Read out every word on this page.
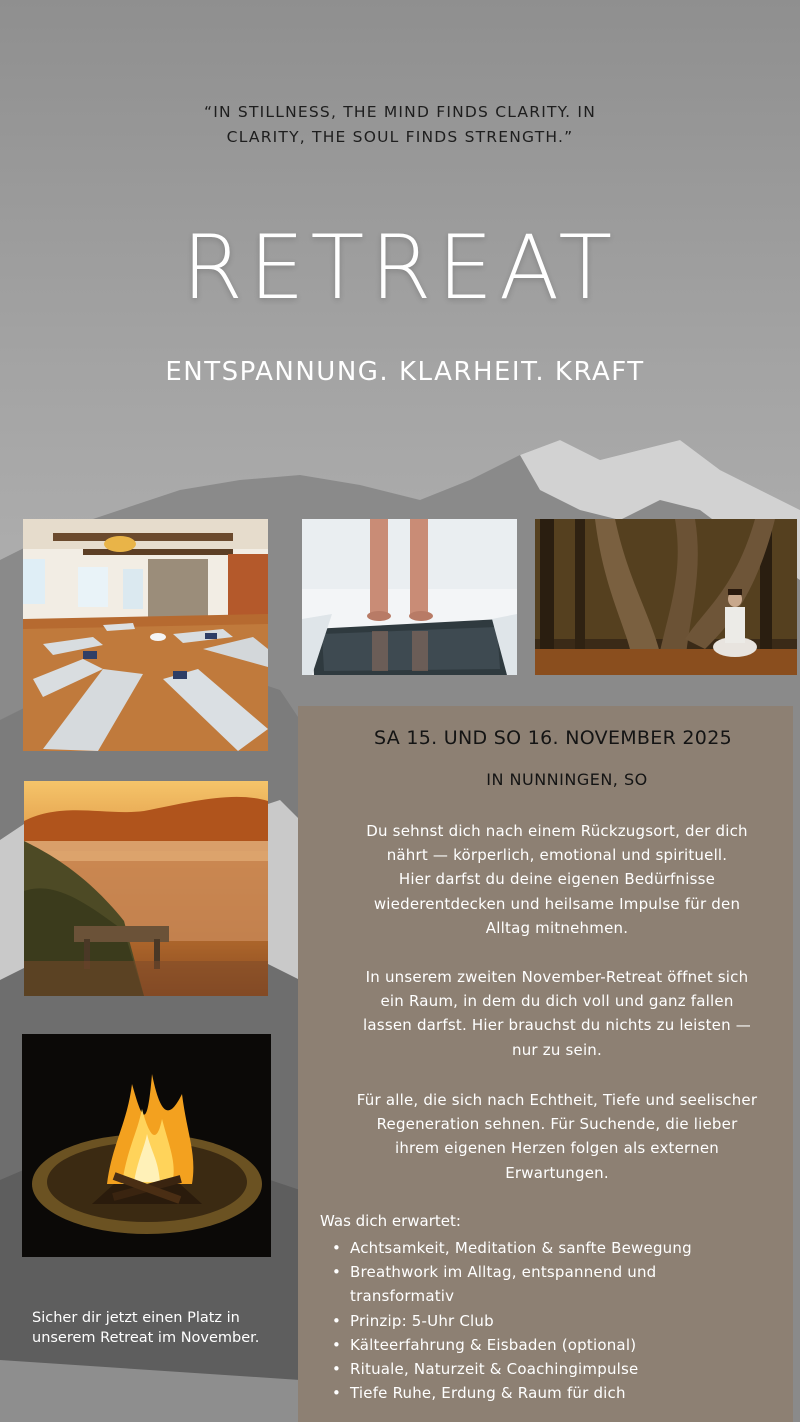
“IN STILLNESS, THE MIND FINDS CLARITY. IN
CLARITY, THE SOUL FINDS STRENGTH.”
RETREAT
ENTSPANNUNG. KLARHEIT. KRAFT
SA 15. UND SO 16. NOVEMBER 2025
IN NUNNINGEN, SO
Du sehnst dich nach einem Rückzugsort, der dich
nährt — körperlich, emotional und spirituell.
Hier darfst du deine eigenen Bedürfnisse
wiederentdecken und heilsame Impulse für den
Alltag mitnehmen.
In unserem zweiten November-Retreat öffnet sich
ein Raum, in dem du dich voll und ganz fallen
lassen darfst. Hier brauchst du nichts zu leisten —
nur zu sein.
Für alle, die sich nach Echtheit, Tiefe und seelischer
Regeneration sehnen. Für Suchende, die lieber
ihrem eigenen Herzen folgen als externen
Erwartungen.
Was dich erwartet:
• Achtsamkeit, Meditation & sanfte Bewegung
• Breathwork im Alltag, entspannend und
transformativ
• Prinzip: 5-Uhr Club
• Kälteerfahrung & Eisbaden (optional)
• Rituale, Naturzeit & Coachingimpulse
• Tiefe Ruhe, Erdung & Raum für dich
Sicher dir jetzt einen Platz in
unserem Retreat im November.
